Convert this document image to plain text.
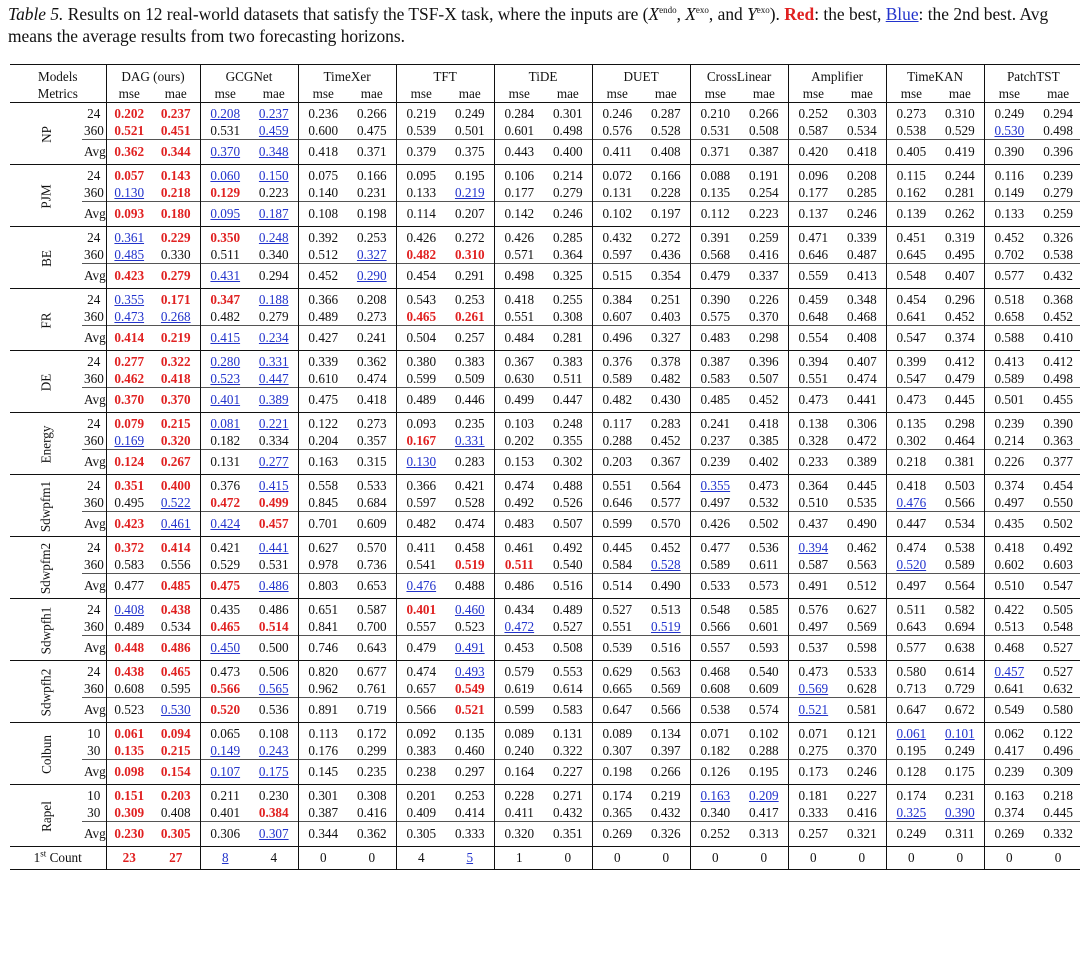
Table 5. Results on 12 real-world datasets that satisfy the TSF-X task, where the inputs are ($X^{endo}$, $X^{exo}$, and $Y^{exo}$). Red: the best, Blue: the 2nd best. Avg means the average results from two forecasting horizons.
Models		DAG (ours)		GCGNet		TimeXer		TFT		TiDE		DUET		CrossLinear		Amplifier		TimeKAN		PatchTST	
Metrics		mse	mae	mse	mae	mse	mae	mse	mae	mse	mae	mse	mae	mse	mae	mse	mae	mse	mae	mse	mae
NP	24	0.202	0.237	0.208	0.237	0.236	0.266	0.219	0.249	0.284	0.301	0.246	0.287	0.210	0.266	0.252	0.303	0.273	0.310	0.249	0.294
	360	0.521	0.451	0.531	0.459	0.600	0.475	0.539	0.501	0.601	0.498	0.576	0.528	0.531	0.508	0.587	0.534	0.538	0.529	0.530	0.498
	Avg	0.362	0.344	0.370	0.348	0.418	0.371	0.379	0.375	0.443	0.400	0.411	0.408	0.371	0.387	0.420	0.418	0.405	0.419	0.390	0.396
PJM	24	0.057	0.143	0.060	0.150	0.075	0.166	0.095	0.195	0.106	0.214	0.072	0.166	0.088	0.191	0.096	0.208	0.115	0.244	0.116	0.239
	360	0.130	0.218	0.129	0.223	0.140	0.231	0.133	0.219	0.177	0.279	0.131	0.228	0.135	0.254	0.177	0.285	0.162	0.281	0.149	0.279
	Avg	0.093	0.180	0.095	0.187	0.108	0.198	0.114	0.207	0.142	0.246	0.102	0.197	0.112	0.223	0.137	0.246	0.139	0.262	0.133	0.259
BE	24	0.361	0.229	0.350	0.248	0.392	0.253	0.426	0.272	0.426	0.285	0.432	0.272	0.391	0.259	0.471	0.339	0.451	0.319	0.452	0.326
	360	0.485	0.330	0.511	0.340	0.512	0.327	0.482	0.310	0.571	0.364	0.597	0.436	0.568	0.416	0.646	0.487	0.645	0.495	0.702	0.538
	Avg	0.423	0.279	0.431	0.294	0.452	0.290	0.454	0.291	0.498	0.325	0.515	0.354	0.479	0.337	0.559	0.413	0.548	0.407	0.577	0.432
FR	24	0.355	0.171	0.347	0.188	0.366	0.208	0.543	0.253	0.418	0.255	0.384	0.251	0.390	0.226	0.459	0.348	0.454	0.296	0.518	0.368
	360	0.473	0.268	0.482	0.279	0.489	0.273	0.465	0.261	0.551	0.308	0.607	0.403	0.575	0.370	0.648	0.468	0.641	0.452	0.658	0.452
	Avg	0.414	0.219	0.415	0.234	0.427	0.241	0.504	0.257	0.484	0.281	0.496	0.327	0.483	0.298	0.554	0.408	0.547	0.374	0.588	0.410
DE	24	0.277	0.322	0.280	0.331	0.339	0.362	0.380	0.383	0.367	0.383	0.376	0.378	0.387	0.396	0.394	0.407	0.399	0.412	0.413	0.412
	360	0.462	0.418	0.523	0.447	0.610	0.474	0.599	0.509	0.630	0.511	0.589	0.482	0.583	0.507	0.551	0.474	0.547	0.479	0.589	0.498
	Avg	0.370	0.370	0.401	0.389	0.475	0.418	0.489	0.446	0.499	0.447	0.482	0.430	0.485	0.452	0.473	0.441	0.473	0.445	0.501	0.455
Energy	24	0.079	0.215	0.081	0.221	0.122	0.273	0.093	0.235	0.103	0.248	0.117	0.283	0.241	0.418	0.138	0.306	0.135	0.298	0.239	0.390
	360	0.169	0.320	0.182	0.334	0.204	0.357	0.167	0.331	0.202	0.355	0.288	0.452	0.237	0.385	0.328	0.472	0.302	0.464	0.214	0.363
	Avg	0.124	0.267	0.131	0.277	0.163	0.315	0.130	0.283	0.153	0.302	0.203	0.367	0.239	0.402	0.233	0.389	0.218	0.381	0.226	0.377
Sdwpfm1	24	0.351	0.400	0.376	0.415	0.558	0.533	0.366	0.421	0.474	0.488	0.551	0.564	0.355	0.473	0.364	0.445	0.418	0.503	0.374	0.454
	360	0.495	0.522	0.472	0.499	0.845	0.684	0.597	0.528	0.492	0.526	0.646	0.577	0.497	0.532	0.510	0.535	0.476	0.566	0.497	0.550
	Avg	0.423	0.461	0.424	0.457	0.701	0.609	0.482	0.474	0.483	0.507	0.599	0.570	0.426	0.502	0.437	0.490	0.447	0.534	0.435	0.502
Sdwpfm2	24	0.372	0.414	0.421	0.441	0.627	0.570	0.411	0.458	0.461	0.492	0.445	0.452	0.477	0.536	0.394	0.462	0.474	0.538	0.418	0.492
	360	0.583	0.556	0.529	0.531	0.978	0.736	0.541	0.519	0.511	0.540	0.584	0.528	0.589	0.611	0.587	0.563	0.520	0.589	0.602	0.603
	Avg	0.477	0.485	0.475	0.486	0.803	0.653	0.476	0.488	0.486	0.516	0.514	0.490	0.533	0.573	0.491	0.512	0.497	0.564	0.510	0.547
Sdwpfh1	24	0.408	0.438	0.435	0.486	0.651	0.587	0.401	0.460	0.434	0.489	0.527	0.513	0.548	0.585	0.576	0.627	0.511	0.582	0.422	0.505
	360	0.489	0.534	0.465	0.514	0.841	0.700	0.557	0.523	0.472	0.527	0.551	0.519	0.566	0.601	0.497	0.569	0.643	0.694	0.513	0.548
	Avg	0.448	0.486	0.450	0.500	0.746	0.643	0.479	0.491	0.453	0.508	0.539	0.516	0.557	0.593	0.537	0.598	0.577	0.638	0.468	0.527
Sdwpfh2	24	0.438	0.465	0.473	0.506	0.820	0.677	0.474	0.493	0.579	0.553	0.629	0.563	0.468	0.540	0.473	0.533	0.580	0.614	0.457	0.527
	360	0.608	0.595	0.566	0.565	0.962	0.761	0.657	0.549	0.619	0.614	0.665	0.569	0.608	0.609	0.569	0.628	0.713	0.729	0.641	0.632
	Avg	0.523	0.530	0.520	0.536	0.891	0.719	0.566	0.521	0.599	0.583	0.647	0.566	0.538	0.574	0.521	0.581	0.647	0.672	0.549	0.580
Colbun	10	0.061	0.094	0.065	0.108	0.113	0.172	0.092	0.135	0.089	0.131	0.089	0.134	0.071	0.102	0.071	0.121	0.061	0.101	0.062	0.122
	30	0.135	0.215	0.149	0.243	0.176	0.299	0.383	0.460	0.240	0.322	0.307	0.397	0.182	0.288	0.275	0.370	0.195	0.249	0.417	0.496
	Avg	0.098	0.154	0.107	0.175	0.145	0.235	0.238	0.297	0.164	0.227	0.198	0.266	0.126	0.195	0.173	0.246	0.128	0.175	0.239	0.309
Rapel	10	0.151	0.203	0.211	0.230	0.301	0.308	0.201	0.253	0.228	0.271	0.174	0.219	0.163	0.209	0.181	0.227	0.174	0.231	0.163	0.218
	30	0.309	0.408	0.401	0.384	0.387	0.416	0.409	0.414	0.411	0.432	0.365	0.432	0.340	0.417	0.333	0.416	0.325	0.390	0.374	0.445
	Avg	0.230	0.305	0.306	0.307	0.344	0.362	0.305	0.333	0.320	0.351	0.269	0.326	0.252	0.313	0.257	0.321	0.249	0.311	0.269	0.332
1st Count		23	27	8	4	0	0	4	5	1	0	0	0	0	0	0	0	0	0	0	0
